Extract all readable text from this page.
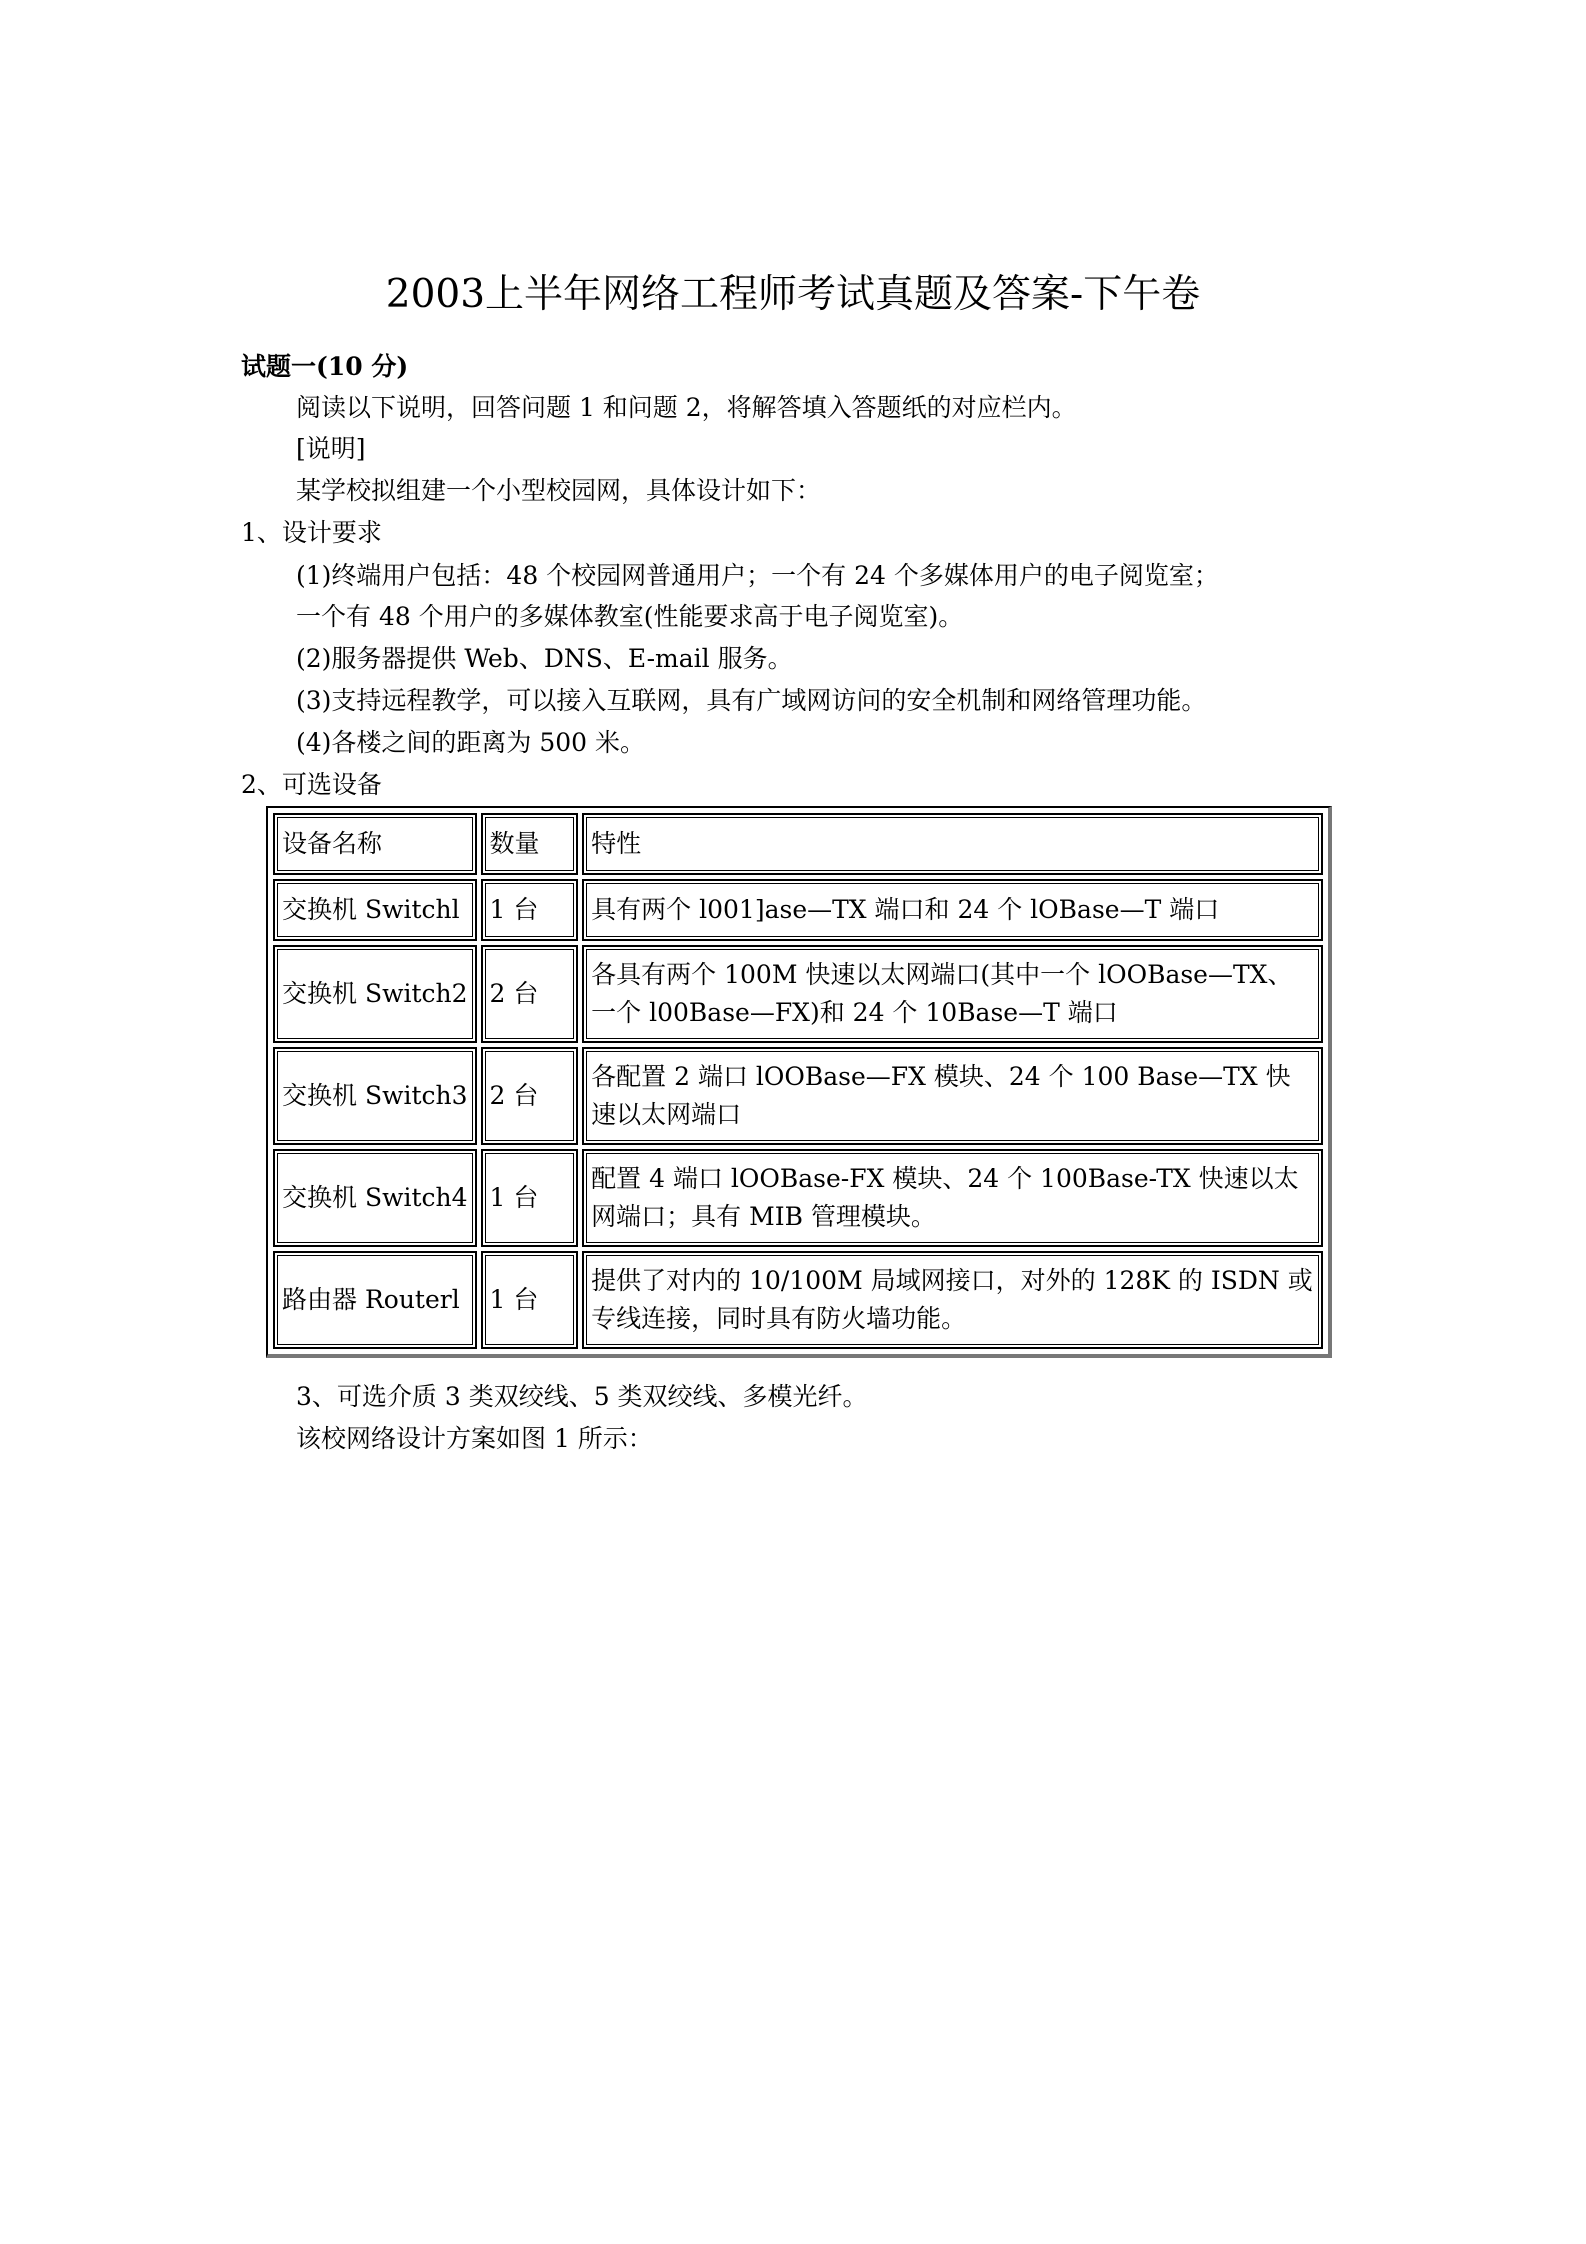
2003上半年网络工程师考试真题及答案-下午卷
试题一(10 分)
阅读以下说明，回答问题 1 和问题 2，将解答填入答题纸的对应栏内。
[说明]
某学校拟组建一个小型校园网，具体设计如下：
1、设计要求
(1)终端用户包括：48 个校园网普通用户；一个有 24 个多媒体用户的电子阅览室；
一个有 48 个用户的多媒体教室(性能要求高于电子阅览室)。
(2)服务器提供 Web、DNS、E-mail 服务。
(3)支持远程教学，可以接入互联网，具有广域网访问的安全机制和网络管理功能。
(4)各楼之间的距离为 500 米。
2、可选设备
设备名称	数量	特性
交换机 Switchl	1 台	具有两个 l001]ase—TX 端口和 24 个 lOBase—T 端口
交换机 Switch2	2 台	各具有两个 100M 快速以太网端口(其中一个 lOOBase—TX、一个 l00Base—FX)和 24 个 10Base—T 端口
交换机 Switch3	2 台	各配置 2 端口 lOOBase—FX 模块、24 个 100 Base—TX 快速以太网端口
交换机 Switch4	1 台	配置 4 端口 lOOBase-FX 模块、24 个 100Base-TX 快速以太网端口；具有 MIB 管理模块。
路由器 Routerl	1 台	提供了对内的 10/100M 局域网接口，对外的 128K 的 ISDN 或专线连接，同时具有防火墙功能。
3、可选介质 3 类双绞线、5 类双绞线、多模光纤。
该校网络设计方案如图 1 所示：
